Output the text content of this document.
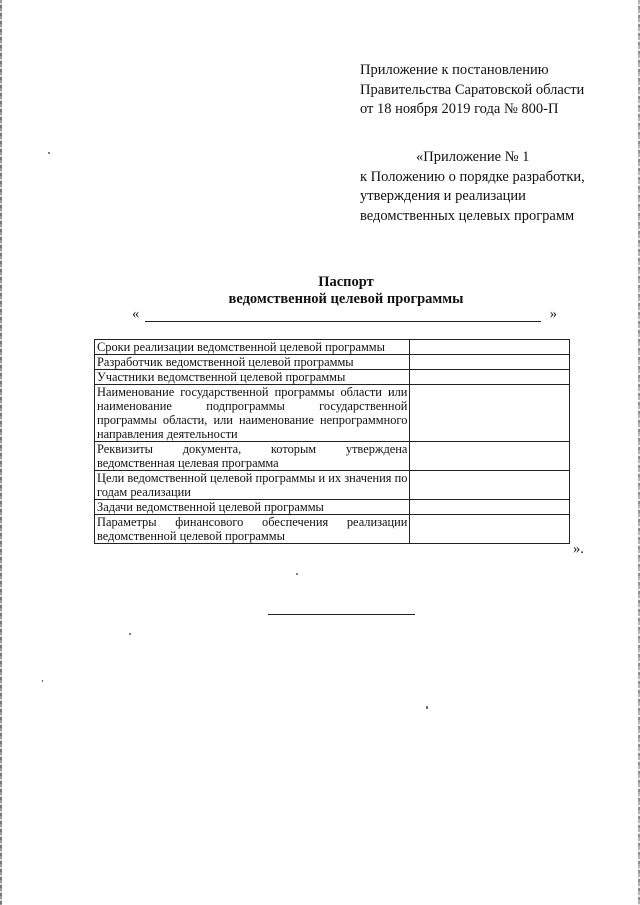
Приложение к постановлению
Правительства Саратовской области
от 18 ноября 2019 года № 800-П
«Приложение № 1
к Положению о порядке разработки,
утверждения и реализации
ведомственных целевых программ
Паспорт
ведомственной целевой программы
«	»
Сроки реализации ведомственной целевой программы	
Разработчик ведомственной целевой программы	
Участники ведомственной целевой программы	
Наименование государственной программы области или наименование подпрограммы государственной программы области, или наименование непрограммного направления деятельности	
Реквизиты документа, которым утверждена ведомственная целевая программа	
Цели ведомственной целевой программы и их значения по годам реализации	
Задачи ведомственной целевой программы	
Параметры финансового обеспечения реализации ведомственной целевой программы	
».
